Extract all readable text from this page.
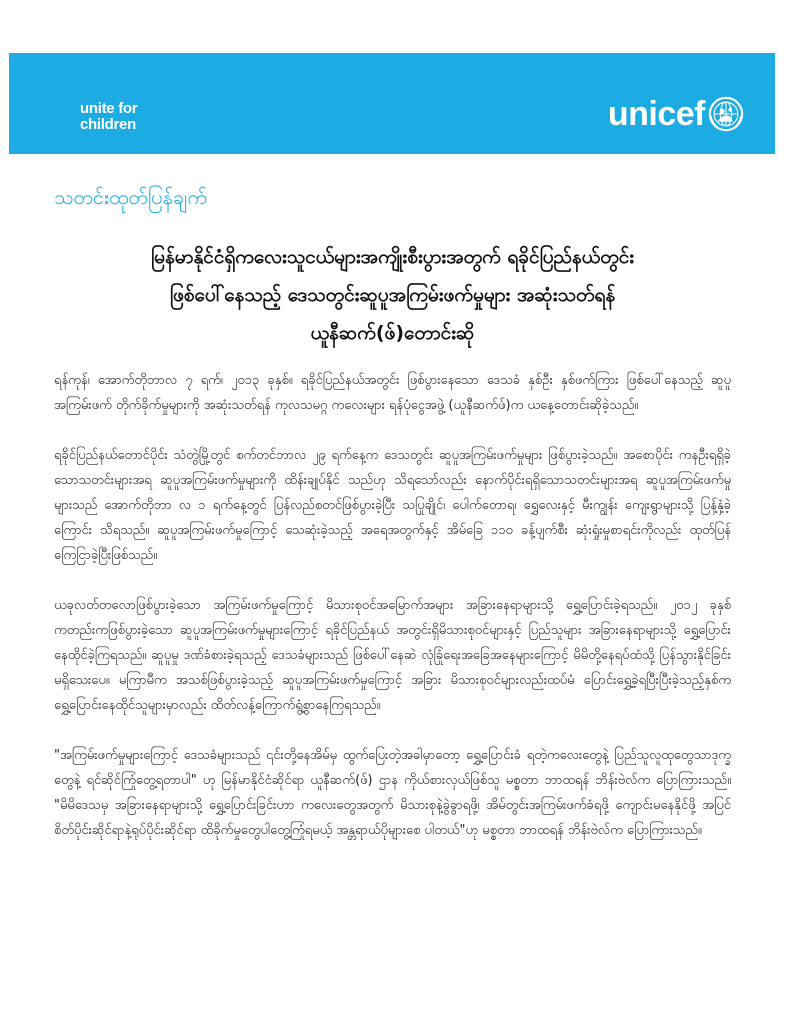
unite for
children	unicef
သတင်းထုတ်ပြန်ချက်
မြန်မာနိုင်ငံရှိကလေးသူငယ်များအကျိုးစီးပွားအတွက် ရခိုင်ပြည်နယ်တွင်း
ဖြစ်ပေါ်နေသည့် ဒေသတွင်းဆူပူအကြမ်းဖက်မှုများ အဆုံးသတ်ရန်
ယူနီဆက်(ဖ်)တောင်းဆို

ရန်ကုန်၊ အောက်တိုဘာလ ၇ ရက်၊ ၂၀၁၃ ခုနှစ်။ ရခိုင်ပြည်နယ်အတွင်း ဖြစ်ပွားနေသော ဒေသခံ နှစ်ဦး နှစ်ဖက်ကြား ဖြစ်ပေါ်နေသည့် ဆူပူအကြမ်းဖက် တိုက်ခိုက်မှုများကို အဆုံးသတ်ရန် ကုလသမဂ္ဂ ကလေးများ ရန်ပုံငွေအဖွဲ့ (ယူနီဆက်ဖ်)က ယနေ့တောင်းဆိုခဲ့သည်။

ရခိုင်ပြည်နယ်တောင်ပိုင်း သံတွဲမြို့တွင် စက်တင်ဘာလ ၂၉ ရက်နေ့က ဒေသတွင်း ဆူပူအကြမ်းဖက်မှုများ ဖြစ်ပွားခဲ့သည်။ အစောပိုင်း ကနဦးရရှိခဲ့ သောသတင်းများအရ ဆူပူအကြမ်းဖက်မှုများကို ထိန်းချုပ်နိုင် သည်ဟု သိရသော်လည်း နောက်ပိုင်းရရှိသောသတင်းများအရ ဆူပူအကြမ်းဖက်မှုများသည် အောက်တိုဘာ လ ၁ ရက်နေ့တွင် ပြန်လည်စတင်ဖြစ်ပွားခဲ့ပြီး သပြုချိုင်၊ ပေါက်တောရ၊ ရွှေလေးနှင့် မီးကျွန်း ကျေးရွာများသို့ ပြန့်နှံ့ခဲ့ကြောင်း သိရသည်။ ဆူပူအကြမ်းဖက်မှုကြောင့် သေဆုံးခဲ့သည့် အရေအတွက်နှင့် အိမ်ခြေ ၁၁၀ ခန့်ပျက်စီး ဆုံးရှုံးမှုစာရင်းကိုလည်း ထုတ်ပြန် ကြေငြာခဲ့ပြီးဖြစ်သည်။

ယခုလတ်တလောဖြစ်ပွားခဲ့သော အကြမ်းဖက်မှုကြောင့် မိသားစုဝင်အမြောက်အများ အခြားနေရာများသို့ ရွှေ့ပြောင်းခဲ့ရသည်။ ၂၀၁၂ ခုနှစ်ကတည်းကဖြစ်ပွားခဲ့သော ဆူပူအကြမ်းဖက်မှုများကြောင့် ရခိုင်ပြည်နယ် အတွင်းရှိမိသားစုဝင်များနှင့် ပြည်သူများ အခြားနေရာများသို့ ရွှေ့ပြောင်းနေထိုင်ခဲ့ကြရသည်။ ဆူပူမှု ဒဏ်ခံစားခဲ့ရသည့် ဒေသခံများသည် ဖြစ်ပေါ်နေဆဲ လုံခြုံရေးအခြေအနေများကြောင့် မိမိတို့နေရပ်ထံသို့ ပြန်သွားနိုင်ခြင်း မရှိသေးပေ။ မကြာမီက အသစ်ဖြစ်ပွားခဲ့သည့် ဆူပူအကြမ်းဖက်မှုကြောင့် အခြား မိသားစုဝင်များလည်းထပ်မံ ပြောင်းရွှေ့ခဲ့ရပြီးပြီးခဲ့သည့်နှစ်က ရွှေ့ပြောင်းနေထိုင်သူများမှာလည်း ထိတ်လန့်ကြောက်ရွံ့စွာနေကြရသည်။

"အကြမ်းဖက်မှုများကြောင့် ဒေသခံများသည် ၎င်းတို့နေအိမ်မှ ထွက်ပြေးတဲ့အခါမှာတော့ ရွှေ့ပြောင်းခံ ရတဲ့ကလေးတွေနဲ့ ပြည်သူလူထုတွေသာဒုက္ခတွေနဲ့ ရင်ဆိုင်ကြုံတွေ့ရတာပါ" ဟု မြန်မာနိုင်ငံဆိုင်ရာ ယူနီဆက်(ဖ်) ဌာန ကိုယ်စားလှယ်ဖြစ်သူ မစ္စတာ ဘာထရန် ဘိန်းဗဲလ်က ပြောကြားသည်။ "မိမိဒေသမှ အခြားနေရာများသို့ ရွှေ့ပြောင်းခြင်းဟာ ကလေးတွေအတွက် မိသားစုနဲ့ခွဲခွာရဖို့၊ အိမ်တွင်းအကြမ်းဖက်ခံရဖို့ ကျောင်းမနေနိုင်ဖို့ အပြင် စိတ်ပိုင်းဆိုင်ရာနဲ့ရုပ်ပိုင်းဆိုင်ရာ ထိခိုက်မှုတွေပါတွေ့ကြုံရမယ့် အန္တရာယ်ပိုများစေ ပါတယ်"ဟု မစ္စတာ ဘာထရန် ဘိန်းဗဲလ်က ပြောကြားသည်။
